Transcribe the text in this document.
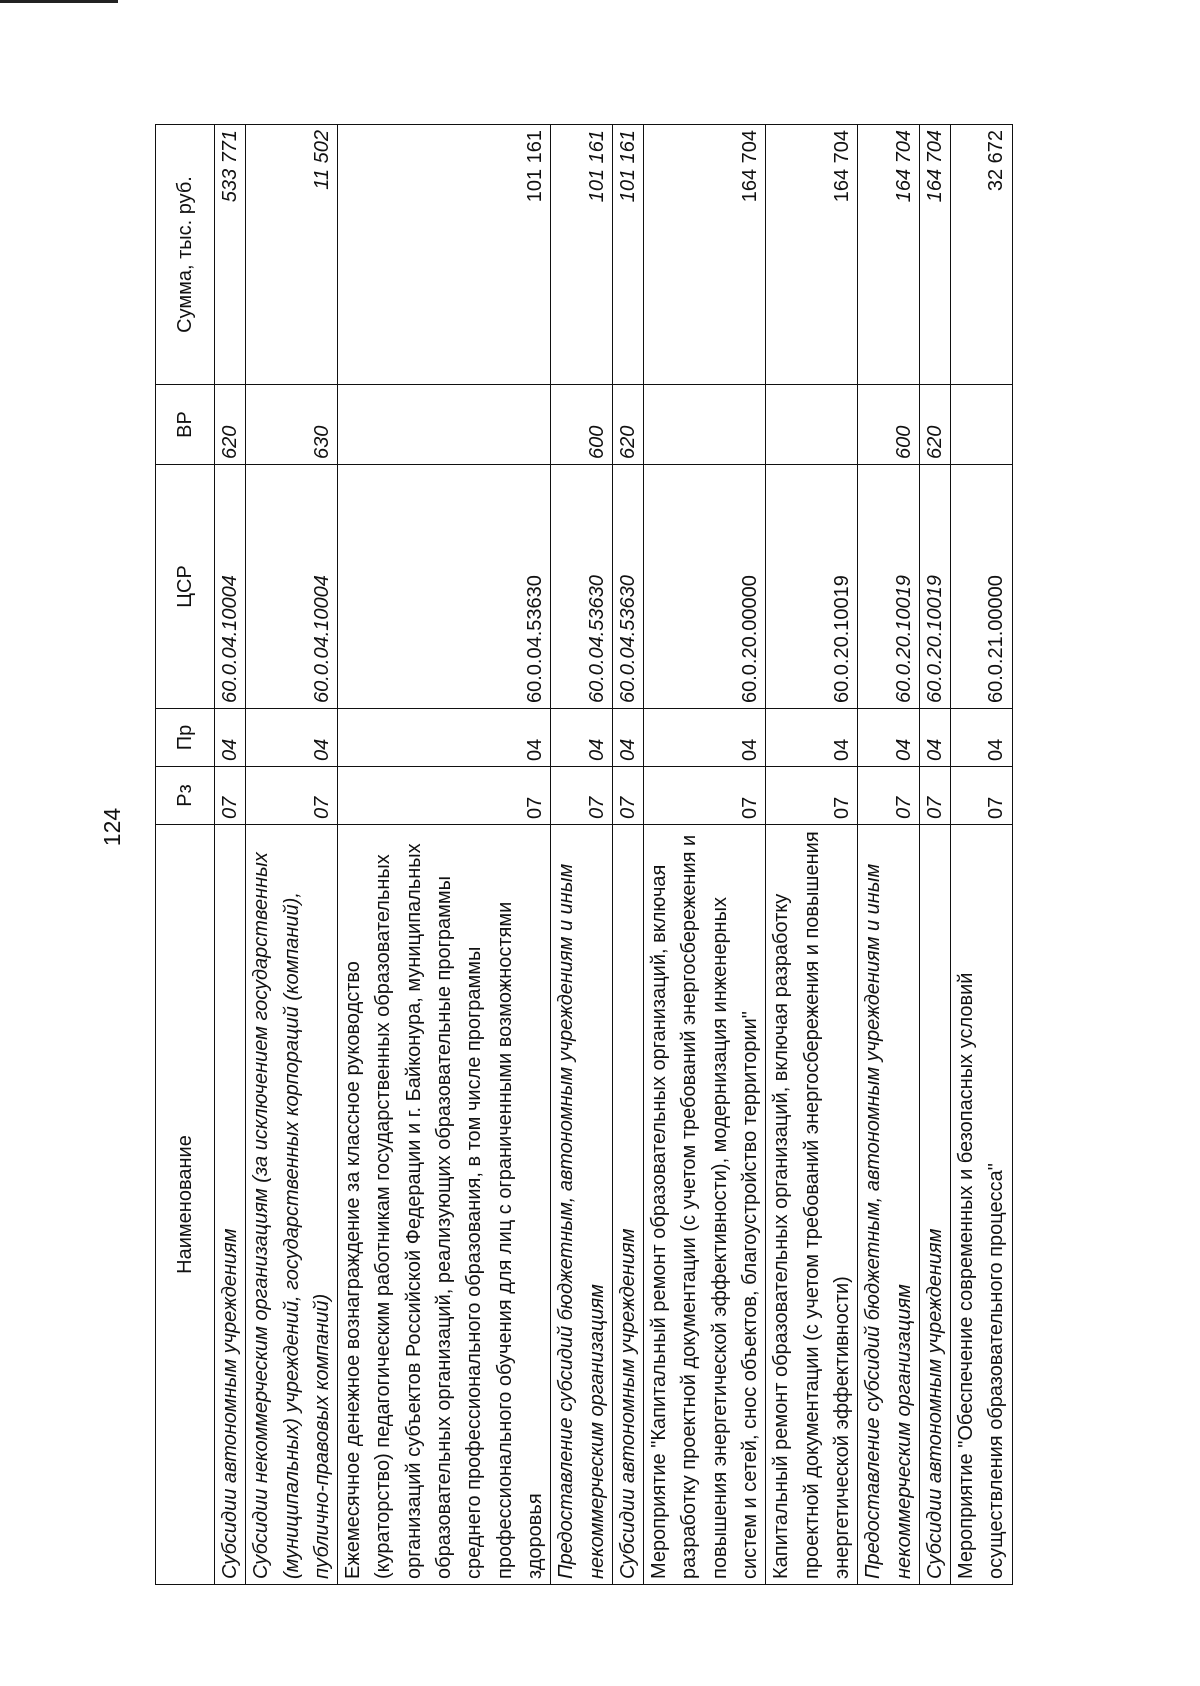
124
Наименование	Рз	Пр	ЦСР	ВР	Сумма, тыс. руб.
Субсидии автономным учреждениям	07	04	60.0.04.10004	620	533 771
Субсидии некоммерческим организациям (за исключением государственных (муниципальных) учреждений, государственных корпораций (компаний), публично-правовых компаний)	07	04	60.0.04.10004	630	11 502
Ежемесячное денежное вознаграждение за классное руководство (кураторство) педагогическим работникам государственных образовательных организаций субъектов Российской Федерации и г. Байконура, муниципальных образовательных организаций, реализующих образовательные программы среднего профессионального образования, в том числе программы профессионального обучения для лиц с ограниченными возможностями здоровья	07	04	60.0.04.53630		101 161
Предоставление субсидий бюджетным, автономным учреждениям и иным некоммерческим организациям	07	04	60.0.04.53630	600	101 161
Субсидии автономным учреждениям	07	04	60.0.04.53630	620	101 161
Мероприятие "Капитальный ремонт образовательных организаций, включая разработку проектной документации (с учетом требований энергосбережения и повышения энергетической эффективности), модернизация инженерных систем и сетей, снос объектов, благоустройство территории"	07	04	60.0.20.00000		164 704
Капитальный ремонт образовательных организаций, включая разработку проектной документации (с учетом требований энергосбережения и повышения энергетической эффективности)	07	04	60.0.20.10019		164 704
Предоставление субсидий бюджетным, автономным учреждениям и иным некоммерческим организациям	07	04	60.0.20.10019	600	164 704
Субсидии автономным учреждениям	07	04	60.0.20.10019	620	164 704
Мероприятие "Обеспечение современных и безопасных условий осуществления образовательного процесса"	07	04	60.0.21.00000		32 672
